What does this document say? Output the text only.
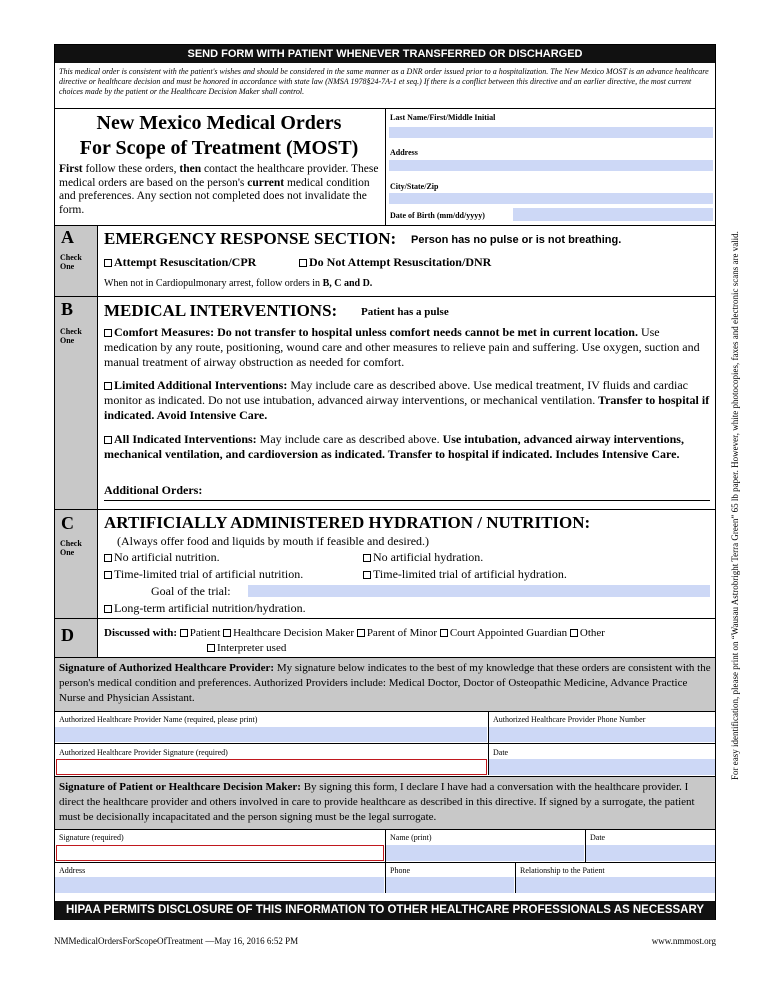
SEND FORM WITH PATIENT WHENEVER TRANSFERRED OR DISCHARGED
This medical order is consistent with the patient's wishes and should be considered in the same manner as a DNR order issued prior to a hospitalization. The New Mexico MOST is an advance healthcare directive or healthcare decision and must be honored in accordance with state law (NMSA 1978§24-7A-1 et seq.) If there is a conflict between this directive and an earlier directive, the most current choices made by the patient or the Healthcare Decision Maker shall control.
New Mexico Medical Orders
For Scope of Treatment (MOST)
First follow these orders, then contact the healthcare provider. These medical orders are based on the person's current medical condition and preferences. Any section not completed does not invalidate the form.
Last Name/First/Middle Initial
Address
City/State/Zip
Date of Birth (mm/dd/yyyy)
A
Check One
EMERGENCY RESPONSE SECTION: Person has no pulse or is not breathing.
Attempt Resuscitation/CPR	Do Not Attempt Resuscitation/DNR
When not in Cardiopulmonary arrest, follow orders in B, C and D.
B
Check One
MEDICAL INTERVENTIONS: Patient has a pulse
Comfort Measures: Do not transfer to hospital unless comfort needs cannot be met in current location. Use medication by any route, positioning, wound care and other measures to relieve pain and suffering. Use oxygen, suction and manual treatment of airway obstruction as needed for comfort.
Limited Additional Interventions: May include care as described above. Use medical treatment, IV fluids and cardiac monitor as indicated. Do not use intubation, advanced airway interventions, or mechanical ventilation. Transfer to hospital if indicated. Avoid Intensive Care.
All Indicated Interventions: May include care as described above. Use intubation, advanced airway interventions, mechanical ventilation, and cardioversion as indicated. Transfer to hospital if indicated. Includes Intensive Care.
Additional Orders:
C
Check One
ARTIFICIALLY ADMINISTERED HYDRATION / NUTRITION:
(Always offer food and liquids by mouth if feasible and desired.)
No artificial nutrition.	No artificial hydration.
Time-limited trial of artificial nutrition.	Time-limited trial of artificial hydration.
Goal of the trial:
Long-term artificial nutrition/hydration.
D	Discussed with: Patient Healthcare Decision Maker Parent of Minor Court Appointed Guardian Other
Interpreter used
Signature of Authorized Healthcare Provider: My signature below indicates to the best of my knowledge that these orders are consistent with the person's medical condition and preferences. Authorized Providers include: Medical Doctor, Doctor of Osteopathic Medicine, Advance Practice Nurse and Physician Assistant.
Authorized Healthcare Provider Name (required, please print)	Authorized Healthcare Provider Phone Number
Authorized Healthcare Provider Signature (required)	Date
Signature of Patient or Healthcare Decision Maker: By signing this form, I declare I have had a conversation with the healthcare provider. I direct the healthcare provider and others involved in care to provide healthcare as described in this directive. If signed by a surrogate, the patient must be decisionally incapacitated and the person signing must be the legal surrogate.
Signature (required)	Name (print)	Date
Address	Phone	Relationship to the Patient
HIPAA PERMITS DISCLOSURE OF THIS INFORMATION TO OTHER HEALTHCARE PROFESSIONALS AS NECESSARY
NMMedicalOrdersForScopeOfTreatment —May 16, 2016 6:52 PM	www.nmmost.org
For easy identification, please print on “Wausau Astrobright Terra Green” 65 lb paper. However, white photocopies, faxes and electronic scans are valid.
